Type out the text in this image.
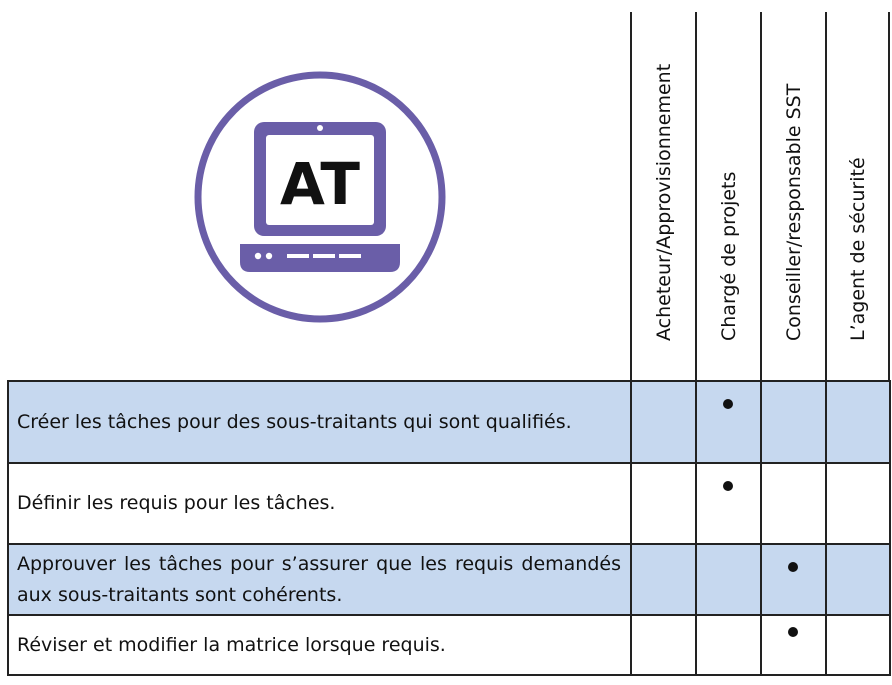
AT	Acheteur/Approvisionnement Chargé de projets Conseiller/responsable SST L’agent de sécurité
Créer les tâches pour des sous-traitants qui sont qualifiés.
Définir les requis pour les tâches.
Approuver les tâches pour s’assurer que les requis demandés aux sous-traitants sont cohérents.
Réviser et modifier la matrice lorsque requis.
